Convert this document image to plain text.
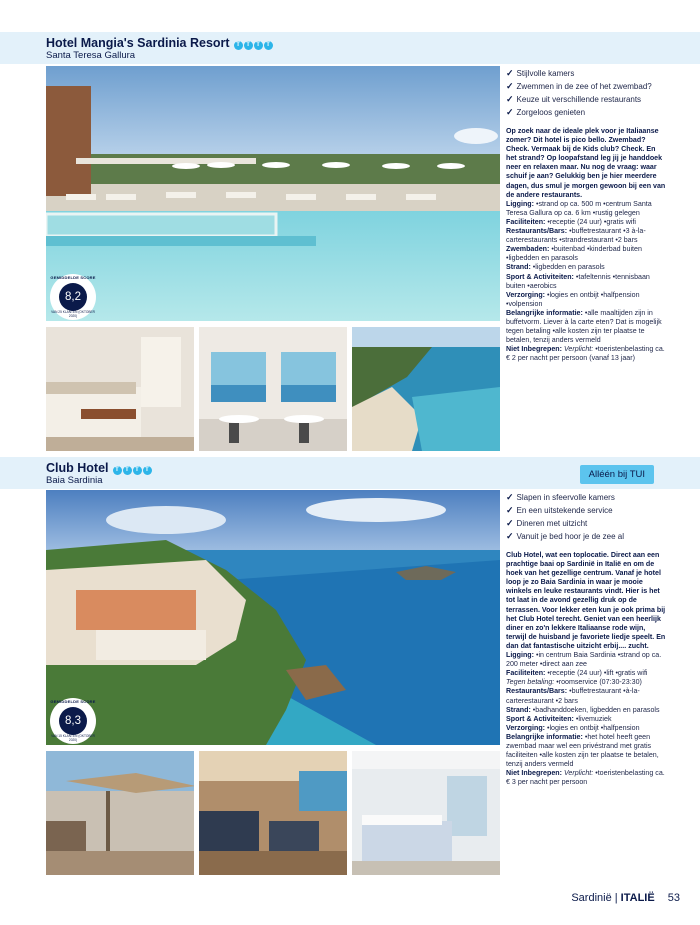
Hotel Mangia's Sardinia Resort	T	T	T	T
Santa Teresa Gallura
GEMIDDELDE SCORE
8,2
VAN 25 KLANTEN (OKTOBER 2020)
✓ Stijlvolle kamers
✓ Zwemmen in de zee of het zwembad?
✓ Keuze uit verschillende restaurants
✓ Zorgeloos genieten

Op zoek naar de ideale plek voor je Italiaanse zomer? Dit hotel is pico bello. Zwembad? Check. Vermaak bij de Kids club? Check. En het strand? Op loopafstand leg jij je handdoek neer en relaxen maar. Nu nog de vraag: waar schuif je aan? Gelukkig ben je hier meerdere dagen, dus smul je morgen gewoon bij een van de andere restaurants.

Ligging: •strand op ca. 500 m •centrum Santa Teresa Gallura op ca. 6 km •rustig gelegen

Faciliteiten: •receptie (24 uur) •gratis wifi

Restaurants/Bars: •buffetrestaurant •3 à-la-carterestaurants •strandrestaurant •2 bars

Zwembaden: •buitenbad •kinderbad buiten •ligbedden en parasols

Strand: •ligbedden en parasols

Sport & Activiteiten: •tafeltennis •tennisbaan buiten •aerobics

Verzorging: •logies en ontbijt •halfpension •volpension

Belangrijke informatie: •alle maaltijden zijn in buffetvorm. Liever à la carte eten? Dat is mogelijk tegen betaling •alle kosten zijn ter plaatse te betalen, tenzij anders vermeld

Niet Inbegrepen: Verplicht: •toeristenbelasting ca. € 2 per nacht per persoon (vanaf 13 jaar)

Club Hotel	T	T	T	T
Baia Sardinia
Alléén bij TUI
GEMIDDELDE SCORE
8,3
VAN 15 KLANTEN (OKTOBER 2020)
✓ Slapen in sfeervolle kamers
✓ En een uitstekende service
✓ Dineren met uitzicht
✓ Vanuit je bed hoor je de zee al

Club Hotel, wat een toplocatie. Direct aan een prachtige baai op Sardinië in Italië en om de hoek van het gezellige centrum. Vanaf je hotel loop je zo Baia Sardinia in waar je mooie winkels en leuke restaurants vindt. Hier is het tot laat in de avond gezellig druk op de terrassen. Voor lekker eten kun je ook prima bij het Club Hotel terecht. Geniet van een heerlijk diner en zo'n lekkere Italiaanse rode wijn, terwijl de huisband je favoriete liedje speelt. En dan dat fantastische uitzicht erbij.... zucht.

Ligging: •in centrum Baia Sardinia •strand op ca. 200 meter •direct aan zee

Faciliteiten: •receptie (24 uur) •lift •gratis wifi Tegen betaling: •roomservice (07:30-23:30)

Restaurants/Bars: •buffetrestaurant •à-la-carterestaurant •2 bars

Strand: •badhanddoeken, ligbedden en parasols Sport & Activiteiten: •livemuziek

Verzorging: •logies en ontbijt •halfpension

Belangrijke informatie: •het hotel heeft geen zwembad maar wel een privéstrand met gratis faciliteiten •alle kosten zijn ter plaatse te betalen, tenzij anders vermeld

Niet Inbegrepen: Verplicht: •toeristenbelasting ca. € 3 per nacht per persoon

Sardinië | ITALIË 53
